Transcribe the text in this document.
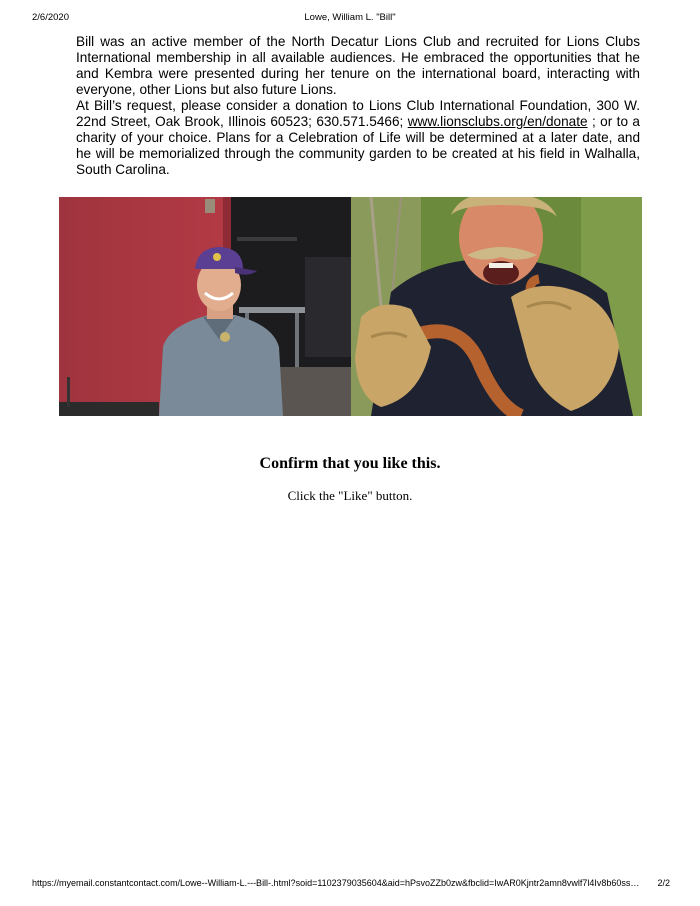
2/6/2020	Lowe, William L. "Bill"

Bill was an active member of the North Decatur Lions Club and recruited for Lions Clubs International membership in all available audiences. He embraced the opportunities that he and Kembra were presented during her tenure on the international board, interacting with everyone, other Lions but also future Lions.

At Bill’s request, please consider a donation to Lions Club International Foundation, 300 W. 22nd Street, Oak Brook, Illinois 60523; 630.571.5466; www.lionsclubs.org/en/donate ; or to a charity of your choice. Plans for a Celebration of Life will be determined at a later date, and he will be memorialized through the community garden to be created at his field in Walhalla, South Carolina.

Confirm that you like this.
Click the "Like" button.
https://myemail.constantcontact.com/Lowe--William-L.---Bill-.html?soid=1102379035604&aid=hPsvoZZb0zw&fbclid=IwAR0Kjntr2amn8vwlf7l4Iv8b60ss… 2/2
